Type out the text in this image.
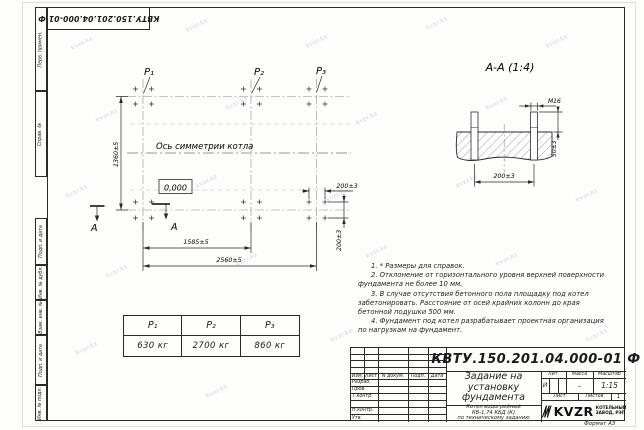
kvzr.kz
kvzr.kz
kvzr.kz
kvzr.kz
kvzr.kz
kvzr.kz
kvzr.kz
kvzr.kz
kvzr.kz
kvzr.kz
kvzr.kz
kvzr.kz
kvzr.kz
kvzr.kz
kvzr.kz
kvzr.kz	kvzr.kz	kvzr.kz
kvzr.kz
kvzr.kz
kvzr.kz	kvzr.kz
Перв. примен.
Справ. №
Подп. и дата
Инв. № дубл.
Взам. инв. №
Подп. и дата
Инв. № подл.
КВТУ.150.201.04.000-01 Ф
P₁	P₂	P₃
Ось симметрии котла
0,000
1360±5
1585±5
2560±5
200±3
200±3
А	А
А-А (1:4)
М16
50±3
200±3
P₁	P₂	P₃
630 кг	2700 кг	860 кг

1. * Размеры для справок.

2. Отклонение от горизонтального уровня верхней поверхности фундамента не более 10 мм.

3. В случае отсутствия бетонного пола площадку под котел забетонировать. Расстояние от осей крайних колонн до края бетонной подушки 500 мм.

4. Фундамент под котел разрабатывает проектная организация по нагрузкам на фундамент.

Изм. Лист N докум.	Подп.	Дата
Разраб.
Пров.
Т.контр.
Н.контр.
Утв.
КВТУ.150.201.04.000-01 Ф
Задание на
установку
фундамента
Котел водогрейный
КВ-1,74 КБД (К)
по техническому заданию
Лит.	Масса	Масштаб
И	–	1:15
Лист	Листов	1
KVZR КОТЕЛЬНЫЙ
ЗАВОД, РЭП
Формат А3
